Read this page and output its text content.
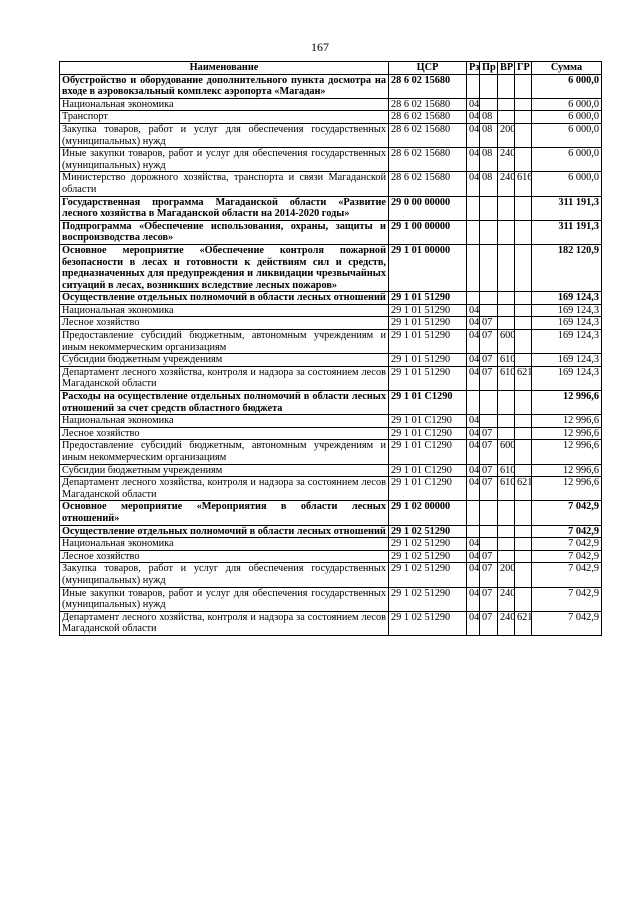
167
Наименование	ЦСР	Рз	Пр	ВР	ГР	Сумма
Обустройство и оборудование дополнительного пункта досмотра на входе в аэровокзальный комплекс аэропорта «Магадан»	28 6 02 15680					6 000,0
Национальная экономика	28 6 02 15680	04				6 000,0
Транспорт	28 6 02 15680	04	08			6 000,0
Закупка товаров, работ и услуг для обеспечения государственных (муниципальных) нужд	28 6 02 15680	04	08	200		6 000,0
Иные закупки товаров, работ и услуг для обеспечения государственных (муниципальных) нужд	28 6 02 15680	04	08	240		6 000,0
Министерство дорожного хозяйства, транспорта и связи Магаданской области	28 6 02 15680	04	08	240	616	6 000,0
Государственная программа Магаданской области «Развитие лесного хозяйства в Магаданской области на 2014-2020 годы»	29 0 00 00000					311 191,3
Подпрограмма «Обеспечение использования, охраны, защиты и воспроизводства лесов»	29 1 00 00000					311 191,3
Основное мероприятие «Обеспечение контроля пожарной безопасности в лесах и готовности к действиям сил и средств, предназначенных для предупреждения и ликвидации чрезвычайных ситуаций в лесах, возникших вследствие лесных пожаров»	29 1 01 00000					182 120,9
Осуществление отдельных полномочий в области лесных отношений	29 1 01 51290					169 124,3
Национальная экономика	29 1 01 51290	04				169 124,3
Лесное хозяйство	29 1 01 51290	04	07			169 124,3
Предоставление субсидий бюджетным, автономным учреждениям и иным некоммерческим организациям	29 1 01 51290	04	07	600		169 124,3
Субсидии бюджетным учреждениям	29 1 01 51290	04	07	610		169 124,3
Департамент лесного хозяйства, контроля и надзора за состоянием лесов Магаданской области	29 1 01 51290	04	07	610	621	169 124,3
Расходы на осуществление отдельных полномочий в области лесных отношений за счет средств областного бюджета	29 1 01 С1290					12 996,6
Национальная экономика	29 1 01 С1290	04				12 996,6
Лесное хозяйство	29 1 01 С1290	04	07			12 996,6
Предоставление субсидий бюджетным, автономным учреждениям и иным некоммерческим организациям	29 1 01 С1290	04	07	600		12 996,6
Субсидии бюджетным учреждениям	29 1 01 С1290	04	07	610		12 996,6
Департамент лесного хозяйства, контроля и надзора за состоянием лесов Магаданской области	29 1 01 С1290	04	07	610	621	12 996,6
Основное мероприятие «Мероприятия в области лесных отношений»	29 1 02 00000					7 042,9
Осуществление отдельных полномочий в области лесных отношений	29 1 02 51290					7 042,9
Национальная экономика	29 1 02 51290	04				7 042,9
Лесное хозяйство	29 1 02 51290	04	07			7 042,9
Закупка товаров, работ и услуг для обеспечения государственных (муниципальных) нужд	29 1 02 51290	04	07	200		7 042,9
Иные закупки товаров, работ и услуг для обеспечения государственных (муниципальных) нужд	29 1 02 51290	04	07	240		7 042,9
Департамент лесного хозяйства, контроля и надзора за состоянием лесов Магаданской области	29 1 02 51290	04	07	240	621	7 042,9
